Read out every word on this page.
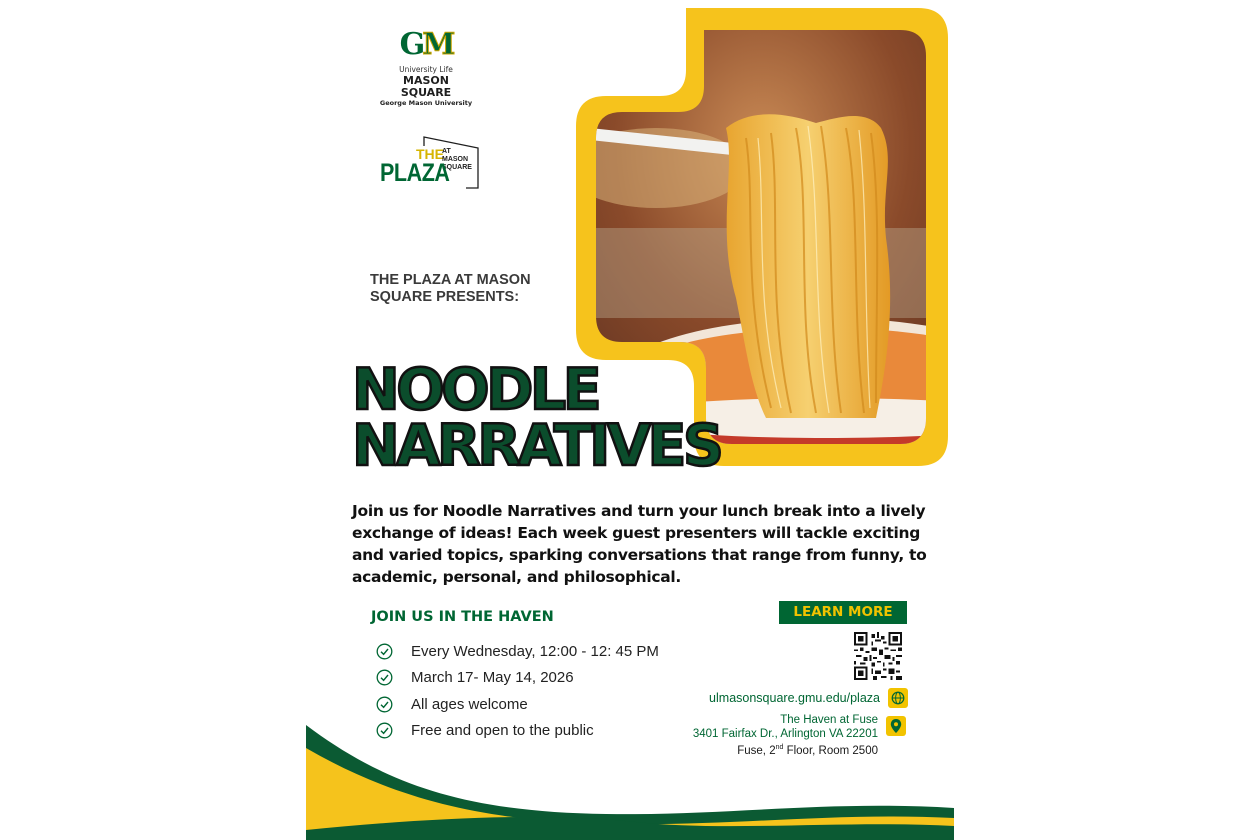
GM
University Life
MASON SQUARE
George Mason University
THE
AT
MASON
SQUARE
PLAZA
THE PLAZA AT MASON SQUARE PRESENTS:
NOODLE
NARRATIVES
Join us for Noodle Narratives and turn your lunch break into a lively exchange of ideas! Each week guest presenters will tackle exciting and varied topics, sparking conversations that range from funny, to academic, personal, and philosophical.
JOIN US IN THE HAVEN
Every Wednesday, 12:00 - 12: 45 PM
March 17- May 14, 2026
All ages welcome
Free and open to the public
LEARN MORE
ulmasonsquare.gmu.edu/plaza
The Haven at Fuse
3401 Fairfax Dr., Arlington VA 22201
Fuse, 2nd Floor, Room 2500
